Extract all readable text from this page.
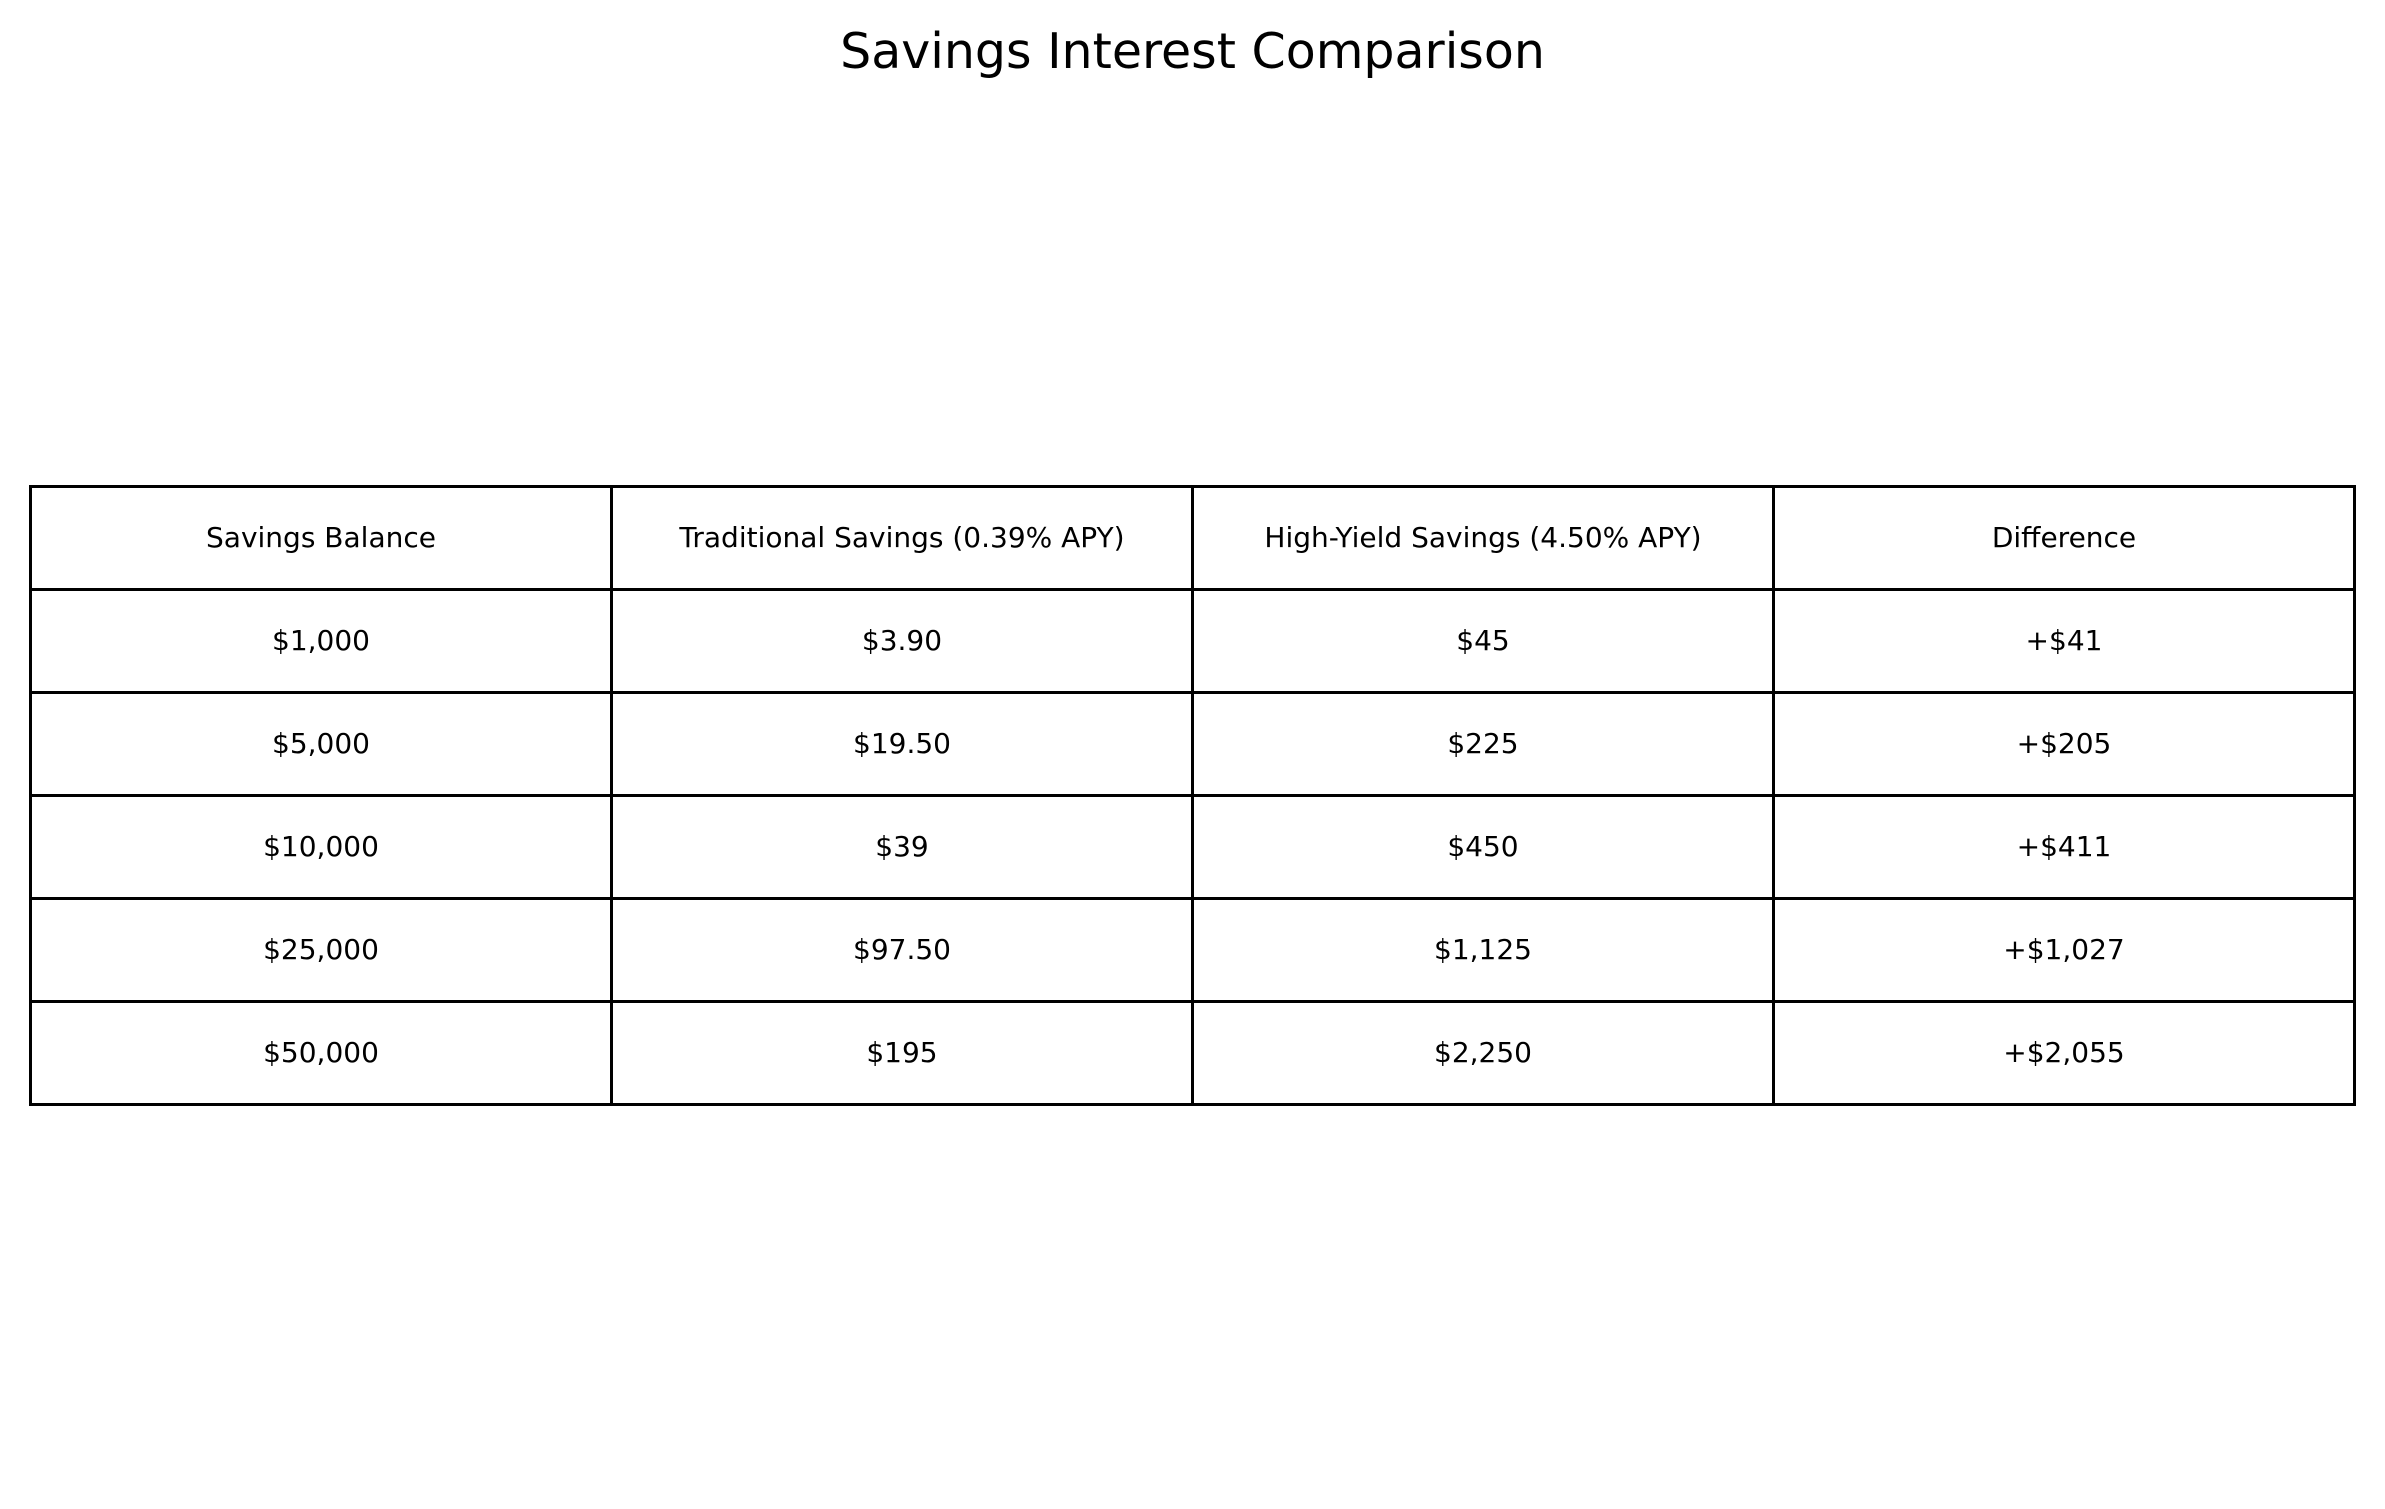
Savings Interest Comparison
Savings Balance	Traditional Savings (0.39% APY)	High-Yield Savings (4.50% APY)	Difference
$1,000	$3.90	$45	+$41
$5,000	$19.50	$225	+$205
$10,000	$39	$450	+$411
$25,000	$97.50	$1,125	+$1,027
$50,000	$195	$2,250	+$2,055
